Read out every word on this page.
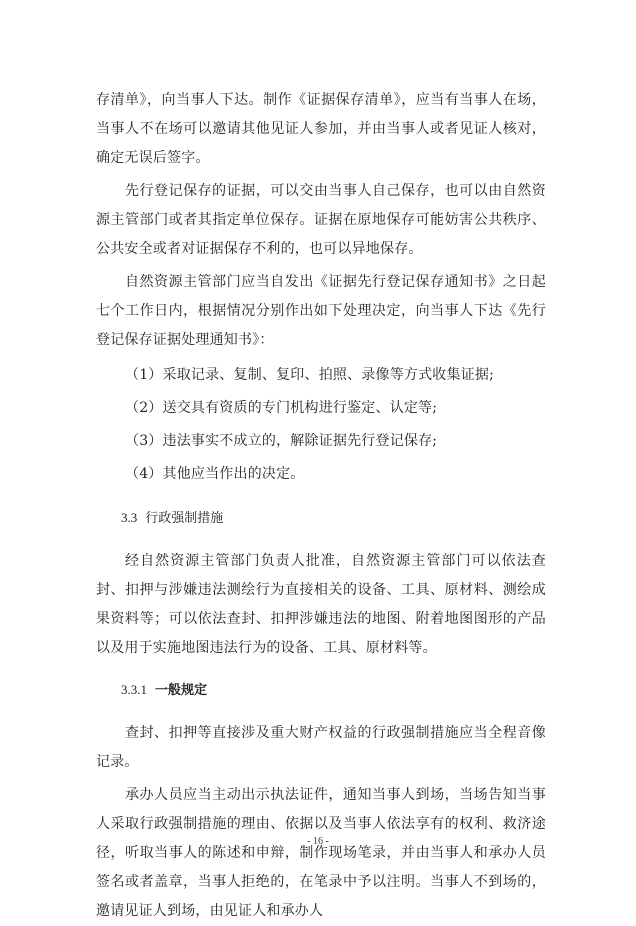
存清单》，向当事人下达。制作《证据保存清单》，应当有当事人在场，当事人不在场可以邀请其他见证人参加，并由当事人或者见证人核对，确定无误后签字。

先行登记保存的证据，可以交由当事人自己保存，也可以由自然资源主管部门或者其指定单位保存。证据在原地保存可能妨害公共秩序、公共安全或者对证据保存不利的，也可以异地保存。

自然资源主管部门应当自发出《证据先行登记保存通知书》之日起七个工作日内，根据情况分别作出如下处理决定，向当事人下达《先行登记保存证据处理通知书》：

（1）采取记录、复制、复印、拍照、录像等方式收集证据;

（2）送交具有资质的专门机构进行鉴定、认定等;

（3）违法事实不成立的，解除证据先行登记保存;

（4）其他应当作出的决定。

3.3 行政强制措施

经自然资源主管部门负责人批准，自然资源主管部门可以依法查封、扣押与涉嫌违法测绘行为直接相关的设备、工具、原材料、测绘成果资料等；可以依法查封、扣押涉嫌违法的地图、附着地图图形的产品以及用于实施地图违法行为的设备、工具、原材料等。

3.3.1 一般规定

查封、扣押等直接涉及重大财产权益的行政强制措施应当全程音像记录。

承办人员应当主动出示执法证件，通知当事人到场，当场告知当事人采取行政强制措施的理由、依据以及当事人依法享有的权利、救济途径，听取当事人的陈述和申辩，制作现场笔录，并由当事人和承办人员签名或者盖章，当事人拒绝的，在笔录中予以注明。当事人不到场的，邀请见证人到场，由见证人和承办人

- 16 -
